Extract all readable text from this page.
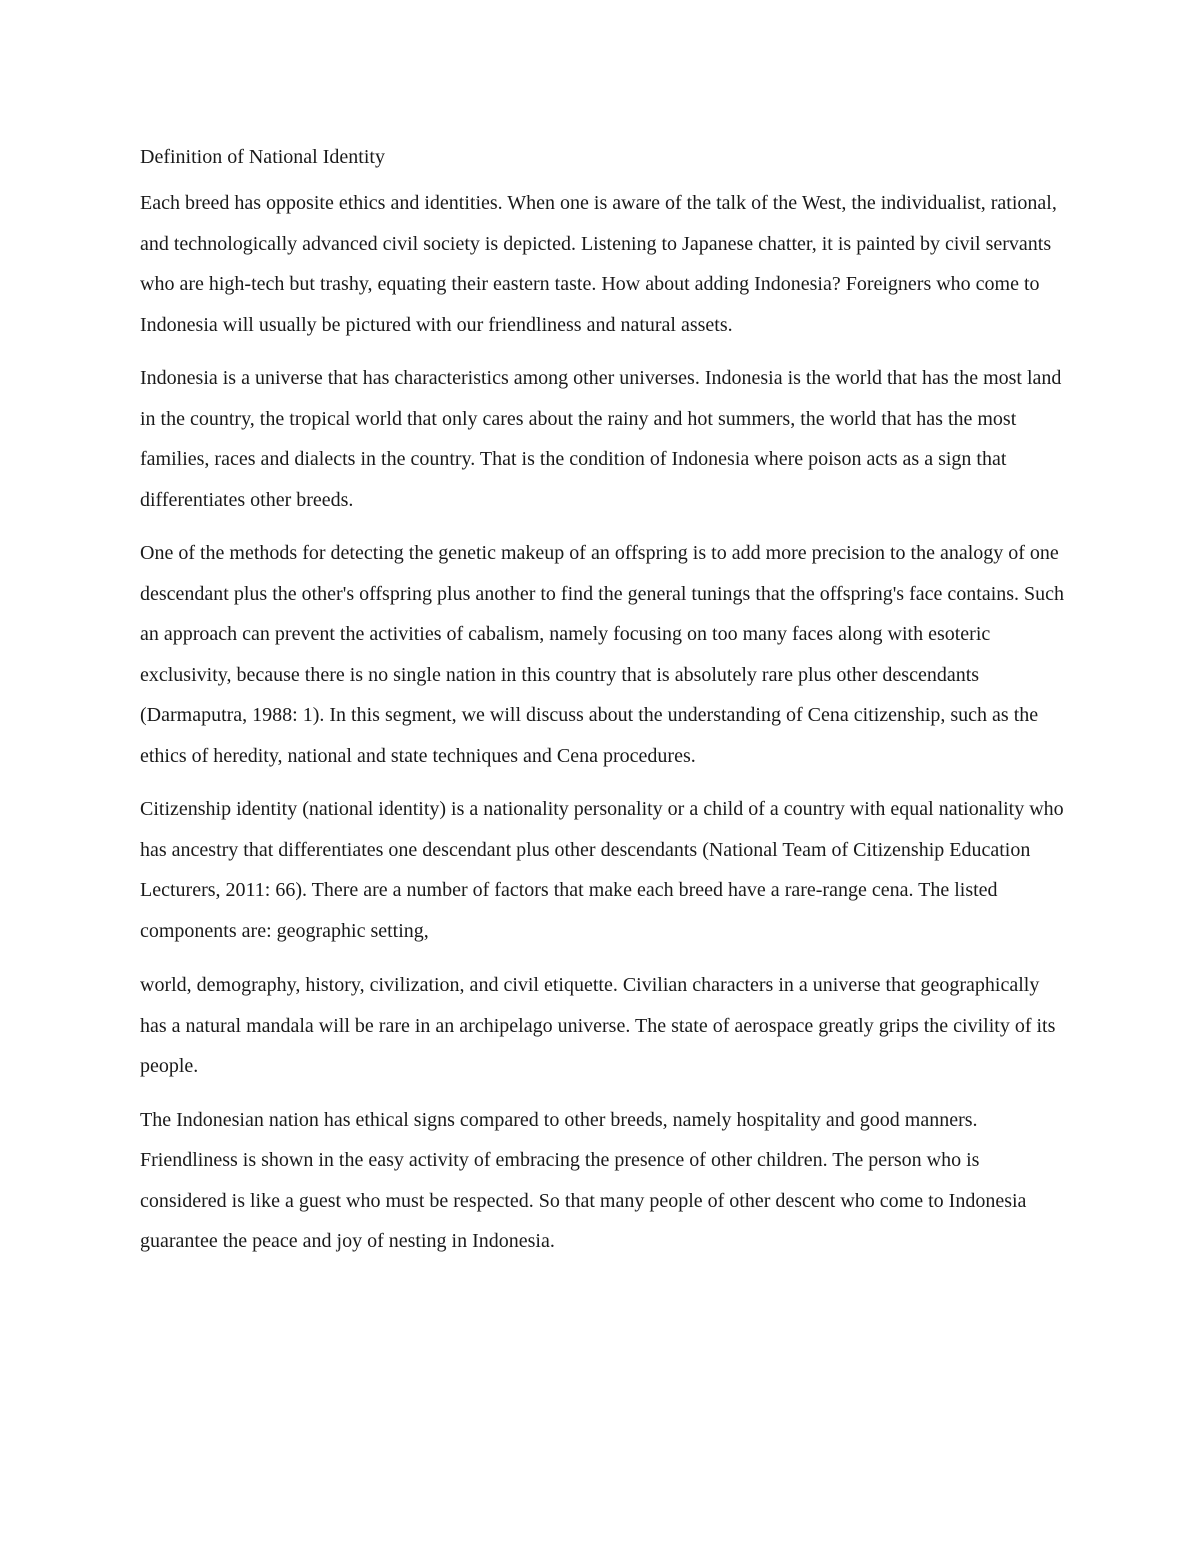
Definition of National Identity

Each breed has opposite ethics and identities. When one is aware of the talk of the West, the individualist, rational, and technologically advanced civil society is depicted. Listening to Japanese chatter, it is painted by civil servants who are high-tech but trashy, equating their eastern taste. How about adding Indonesia? Foreigners who come to Indonesia will usually be pictured with our friendliness and natural assets.

Indonesia is a universe that has characteristics among other universes. Indonesia is the world that has the most land in the country, the tropical world that only cares about the rainy and hot summers, the world that has the most families, races and dialects in the country. That is the condition of Indonesia where poison acts as a sign that differentiates other breeds.

One of the methods for detecting the genetic makeup of an offspring is to add more precision to the analogy of one descendant plus the other's offspring plus another to find the general tunings that the offspring's face contains. Such an approach can prevent the activities of cabalism, namely focusing on too many faces along with esoteric exclusivity, because there is no single nation in this country that is absolutely rare plus other descendants (Darmaputra, 1988: 1). In this segment, we will discuss about the understanding of Cena citizenship, such as the ethics of heredity, national and state techniques and Cena procedures.

Citizenship identity (national identity) is a nationality personality or a child of a country with equal nationality who has ancestry that differentiates one descendant plus other descendants (National Team of Citizenship Education Lecturers, 2011: 66). There are a number of factors that make each breed have a rare-range cena. The listed components are: geographic setting,

world, demography, history, civilization, and civil etiquette. Civilian characters in a universe that geographically has a natural mandala will be rare in an archipelago universe. The state of aerospace greatly grips the civility of its people.

The Indonesian nation has ethical signs compared to other breeds, namely hospitality and good manners. Friendliness is shown in the easy activity of embracing the presence of other children. The person who is considered is like a guest who must be respected. So that many people of other descent who come to Indonesia guarantee the peace and joy of nesting in Indonesia.
